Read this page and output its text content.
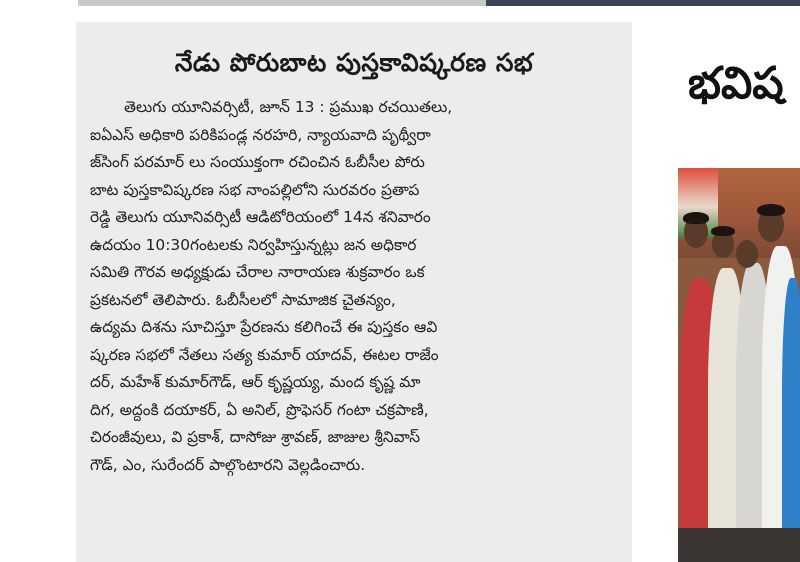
నేడు పోరుబాట పుస్తకావిష్కరణ సభ
తెలుగు యూనివర్సిటీ, జూన్ 13 : ప్రముఖ రచయితలు,
ఐఏఎస్ అధికారి పరికిపండ్ల నరహరి, న్యాయవాది పృథ్వీరా
జ్‌సింగ్ పరమార్ లు సంయుక్తంగా రచించిన ఓబీసీల పోరు
బాట పుస్తకావిష్కరణ సభ నాంపల్లిలోని సురవరం ప్రతాప
రెడ్డి తెలుగు యూనివర్సిటీ ఆడిటోరియంలో 14న శనివారం
ఉదయం 10:30గంటలకు నిర్వహిస్తున్నట్లు జన అధికార
సమితి గౌరవ అధ్యక్షుడు చేరాల నారాయణ శుక్రవారం ఒక
ప్రకటనలో తెలిపారు. ఓబీసీలలో సామాజిక చైతన్యం,
ఉద్యమ దిశను సూచిస్తూ ప్రేరణను కలిగించే ఈ పుస్తకం ఆవి
ష్కరణ సభలో నేతలు సత్య కుమార్ యాదవ్, ఈటల రాజేం
దర్, మహేశ్ కుమార్‌గౌడ్, ఆర్ కృష్ణయ్య, మంద కృష్ణ మా
దిగ, అద్దంకి దయాకర్, ఏ అనిల్, ప్రొఫెసర్ గంటా చక్రపాణి,
చిరంజీవులు, వి ప్రకాశ్, దాసోజు శ్రావణ్, జాజుల శ్రీనివాస్
గౌడ్, ఎం, సురేందర్ పాల్గొంటారని వెల్లడించారు.
భవిష
